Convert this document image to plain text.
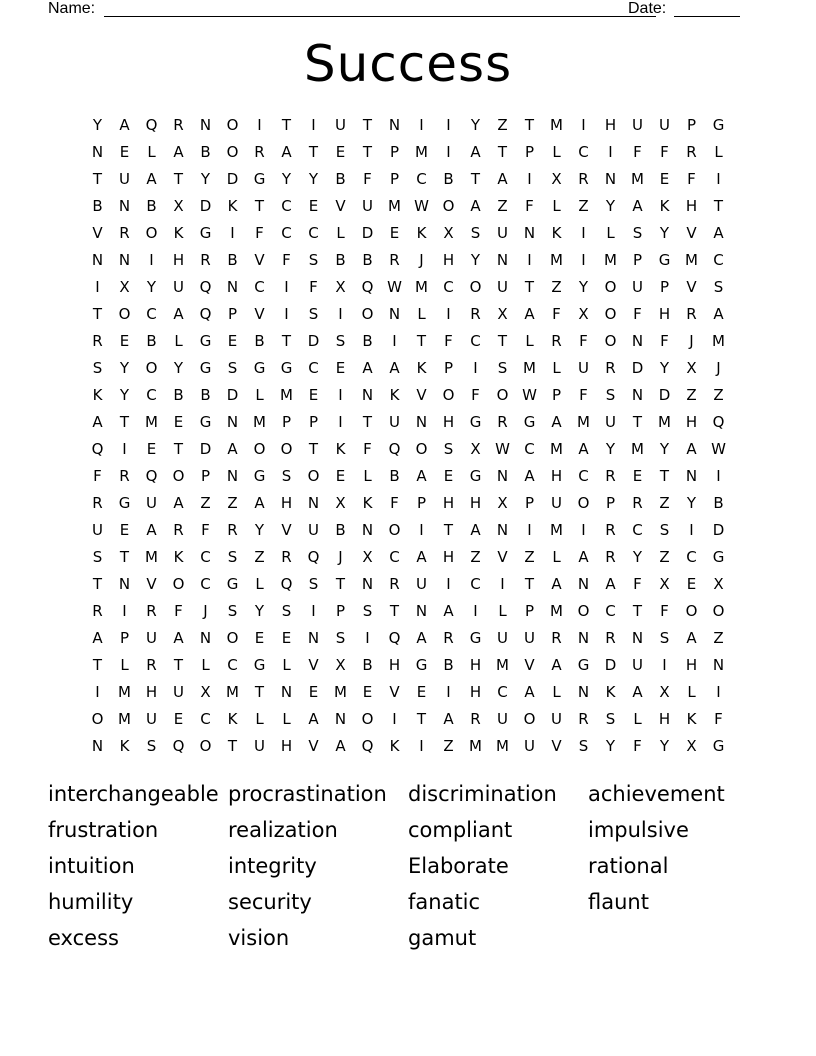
Name:	Date:
Success
Y	A	Q	R	N	O	I	T	I	U	T	N	I	I	Y	Z	T	M	I	H	U	U	P	G
N	E	L	A	B	O	R	A	T	E	T	P	M	I	A	T	P	L	C	I	F	F	R	L
T	U	A	T	Y	D	G	Y	Y	B	F	P	C	B	T	A	I	X	R	N M	E	F	I
B	N	B	X	D	K	T	C	E	V	U	M W O	A	Z	F	L	Z	Y	A	K	H	T
V	R	O	K	G	I	F	C	C	L	D	E	K	X	S	U	N	K	I	L	S	Y	V	A
N	N	I	H	R	B	V	F	S	B	B	R	J	H	Y	N	I	M	I	M	P	G M	C
I	X	Y	U	Q	N	C	I	F	X	Q W M	C	O	U	T	Z	Y	O	U	P	V	S
T	O	C	A	Q	P	V	I	S	I	O	N	L	I	R	X	A	F	X	O	F	H	R	A
R	E	B	L	G	E	B	T	D	S	B	I	T	F	C	T	L	R	F	O	N	F	J	M
S	Y	O	Y	G	S	G	G	C	E	A	A	K	P	I	S	M	L	U	R	D	Y	X	J
K	Y	C	B	B	D	L	M	E	I	N	K	V	O	F	O W	P	F	S	N	D	Z	Z
A	T	M	E	G	N M	P	P	I	T	U	N	H	G	R	G	A	M	U	T	M H	Q
Q	I	E	T	D	A	O	O	T	K	F	Q	O	S	X W C	M	A	Y	M	Y	A W
F	R	Q	O	P	N	G	S	O	E	L	B	A	E	G	N	A	H	C	R	E	T	N	I
R	G	U	A	Z	Z	A	H	N	X	K	F	P	H	H	X	P	U	O	P	R	Z	Y	B
U	E	A	R	F	R	Y	V	U	B	N	O	I	T	A	N	I	M	I	R	C	S	I	D
S	T	M	K	C	S	Z	R	Q	J	X	C	A	H	Z	V	Z	L	A	R	Y	Z	C	G
T	N	V	O	C	G	L	Q	S	T	N	R	U	I	C	I	T	A	N	A	F	X	E	X
R	I	R	F	J	S	Y	S	I	P	S	T	N	A	I	L	P	M O	C	T	F	O	O
A	P	U	A	N	O	E	E	N	S	I	Q	A	R	G	U	U	R	N	R	N	S	A	Z
T	L	R	T	L	C	G	L	V	X	B	H	G	B	H M	V	A	G	D	U	I	H	N
I	M H	U	X	M	T	N	E	M	E	V	E	I	H	C	A	L	N	K	A	X	L	I
O M	U	E	C	K	L	L	A	N	O	I	T	A	R	U	O	U	R	S	L	H	K	F
N	K	S	Q	O	T	U	H	V	A	Q	K	I	Z	M M	U	V	S	Y	F	Y	X	G
interchangeable procrastination	discrimination	achievement
frustration	realization	compliant	impulsive
intuition	integrity	Elaborate	rational
humility	security	fanatic	flaunt
excess	vision	gamut
